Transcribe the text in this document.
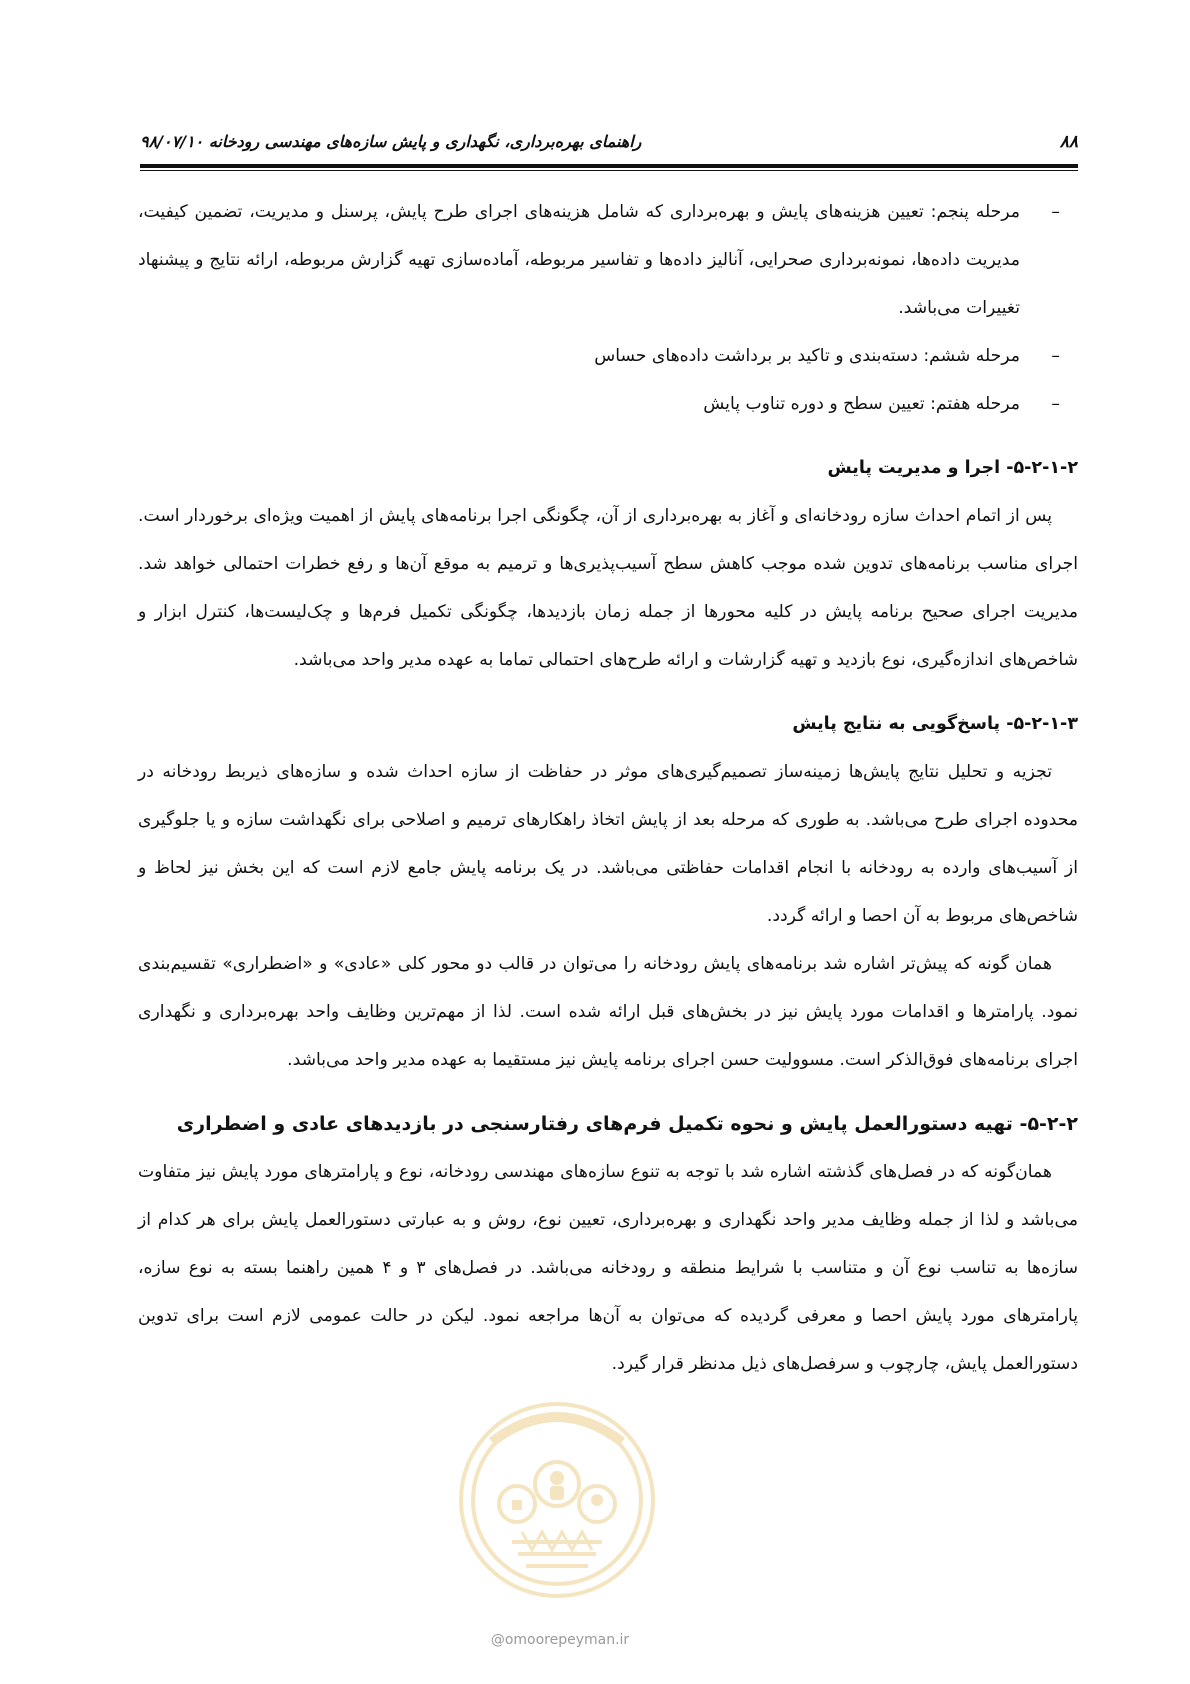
۸۸
راهنمای بهره‌برداری، نگهداری و پایش سازه‌های مهندسی رودخانه ۹۸/۰۷/۱۰
–
مرحله پنجم: تعیین هزینه‌های پایش و بهره‌برداری که شامل هزینه‌های اجرای طرح پایش، پرسنل و مدیریت، تضمین کیفیت، مدیریت داده‌ها، نمونه‌برداری صحرایی، آنالیز داده‌ها و تفاسیر مربوطه، آماده‌سازی تهیه گزارش مربوطه، ارائه نتایج و پیشنهاد تغییرات می‌باشد.
–
مرحله ششم: دسته‌بندی و تاکید بر برداشت داده‌های حساس
–
مرحله هفتم: تعیین سطح و دوره تناوب پایش
۵-۲-۱-۲- اجرا و مدیریت پایش

پس از اتمام احداث سازه رودخانه‌ای و آغاز به بهره‌برداری از آن، چگونگی اجرا برنامه‌های پایش از اهمیت ویژه‌ای برخوردار است. اجرای مناسب برنامه‌های تدوین شده موجب کاهش سطح آسیب‌پذیری‌ها و ترمیم به موقع آن‌ها و رفع خطرات احتمالی خواهد شد. مدیریت اجرای صحیح برنامه پایش در کلیه محورها از جمله زمان بازدیدها، چگونگی تکمیل فرم‌ها و چک‌لیست‌ها، کنترل ابزار و شاخص‌های اندازه‌گیری، نوع بازدید و تهیه گزارشات و ارائه طرح‌های احتمالی تماما به عهده مدیر واحد می‌باشد.

۵-۲-۱-۳- پاسخ‌گویی به نتایج پایش

تجزیه و تحلیل نتایج پایش‌ها زمینه‌ساز تصمیم‌گیری‌های موثر در حفاظت از سازه احداث شده و سازه‌های ذیربط رودخانه در محدوده اجرای طرح می‌باشد. به طوری که مرحله بعد از پایش اتخاذ راهکارهای ترمیم و اصلاحی برای نگهداشت سازه و یا جلوگیری از آسیب‌های وارده به رودخانه با انجام اقدامات حفاظتی می‌باشد. در یک برنامه پایش جامع لازم است که این بخش نیز لحاظ و شاخص‌های مربوط به آن احصا و ارائه گردد.

همان گونه که پیش‌تر اشاره شد برنامه‌های پایش رودخانه را می‌توان در قالب دو محور کلی «عادی» و «اضطراری» تقسیم‌بندی نمود. پارامترها و اقدامات مورد پایش نیز در بخش‌های قبل ارائه شده است. لذا از مهم‌ترین وظایف واحد بهره‌برداری و نگهداری اجرای برنامه‌های فوق‌الذکر است. مسوولیت حسن اجرای برنامه پایش نیز مستقیما به عهده مدیر واحد می‌باشد.

۵-۲-۲- تهیه دستورالعمل پایش و نحوه تکمیل فرم‌های رفتارسنجی در بازدیدهای عادی و اضطراری

همان‌گونه که در فصل‌های گذشته اشاره شد با توجه به تنوع سازه‌های مهندسی رودخانه، نوع و پارامترهای مورد پایش نیز متفاوت می‌باشد و لذا از جمله وظایف مدیر واحد نگهداری و بهره‌برداری، تعیین نوع، روش و به عبارتی دستورالعمل پایش برای هر کدام از سازه‌ها به تناسب نوع آن و متناسب با شرایط منطقه و رودخانه می‌باشد. در فصل‌های ۳ و ۴ همین راهنما بسته به نوع سازه، پارامترهای مورد پایش احصا و معرفی گردیده که می‌توان به آن‌ها مراجعه نمود. لیکن در حالت عمومی لازم است برای تدوین دستورالعمل پایش، چارچوب و سرفصل‌های ذیل مدنظر قرار گیرد.

@omoorepeyman.ir
